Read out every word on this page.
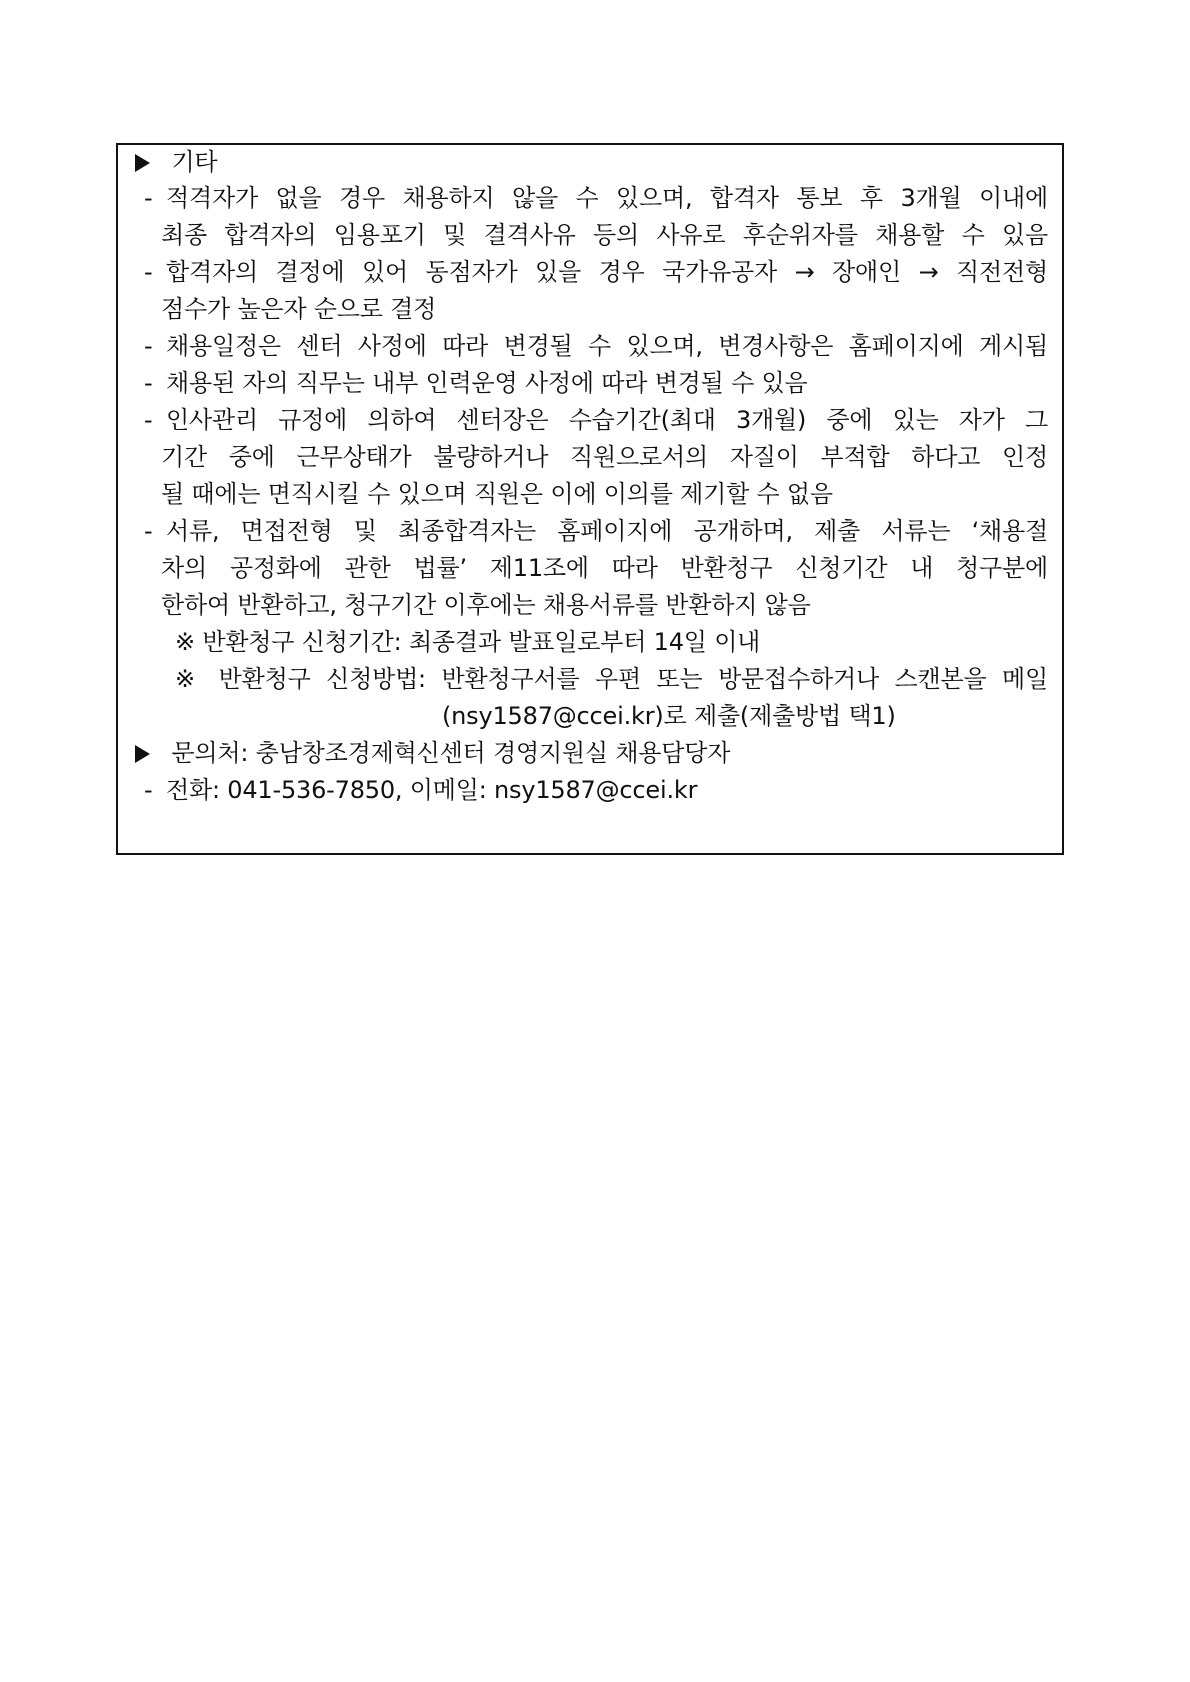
기타
- 적격자가 없을 경우 채용하지 않을 수 있으며, 합격자 통보 후 3개월 이내에
최종 합격자의 임용포기 및 결격사유 등의 사유로 후순위자를 채용할 수 있음
- 합격자의 결정에 있어 동점자가 있을 경우 국가유공자 → 장애인 → 직전전형
점수가 높은자 순으로 결정
- 채용일정은 센터 사정에 따라 변경될 수 있으며, 변경사항은 홈페이지에 게시됨
- 채용된 자의 직무는 내부 인력운영 사정에 따라 변경될 수 있음
- 인사관리 규정에 의하여 센터장은 수습기간(최대 3개월) 중에 있는 자가 그
기간 중에 근무상태가 불량하거나 직원으로서의 자질이 부적합 하다고 인정
될 때에는 면직시킬 수 있으며 직원은 이에 이의를 제기할 수 없음
- 서류, 면접전형 및 최종합격자는 홈페이지에 공개하며, 제출 서류는 ‘채용절
차의 공정화에 관한 법률’ 제11조에 따라 반환청구 신청기간 내 청구분에
한하여 반환하고, 청구기간 이후에는 채용서류를 반환하지 않음
※ 반환청구 신청기간: 최종결과 발표일로부터 14일 이내
※ 반환청구 신청방법: 반환청구서를 우편 또는 방문접수하거나 스캔본을 메일
(nsy1587@ccei.kr)로 제출(제출방법 택1)
문의처: 충남창조경제혁신센터 경영지원실 채용담당자
- 전화: 041-536-7850, 이메일: nsy1587@ccei.kr
